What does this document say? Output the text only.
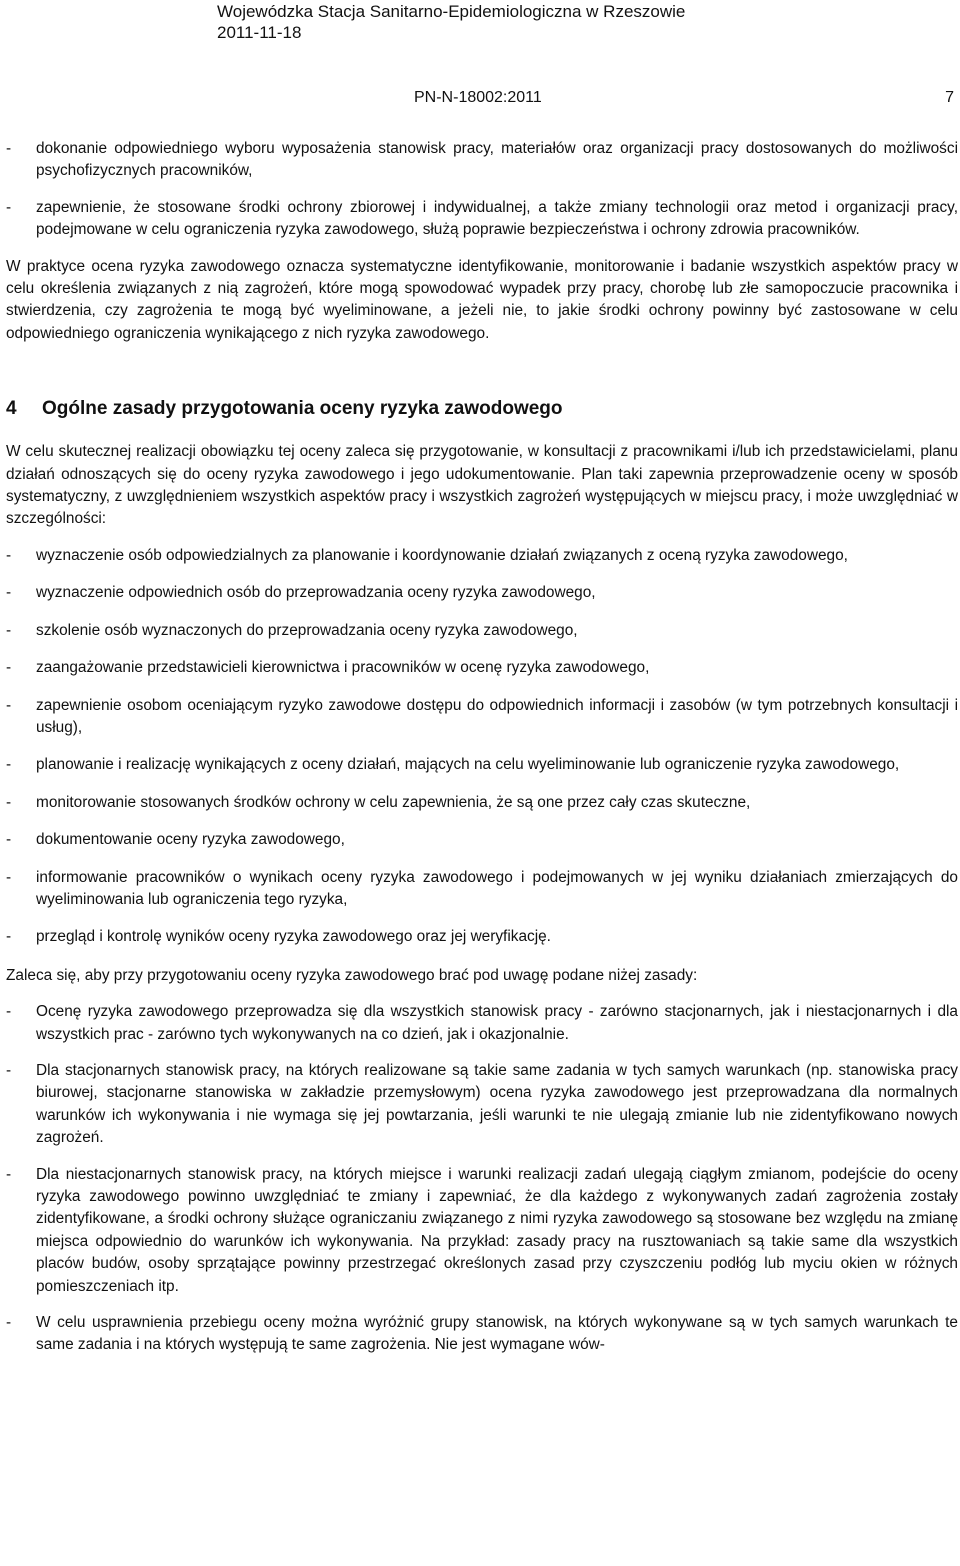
Wojewódzka Stacja Sanitarno-Epidemiologiczna w Rzeszowie
2011-11-18
PN-N-18002:2011	7
-	dokonanie odpowiedniego wyboru wyposażenia stanowisk pracy, materiałów oraz organizacji pracy dostosowanych do możliwości psychofizycznych pracowników,
-	zapewnienie, że stosowane środki ochrony zbiorowej i indywidualnej, a także zmiany technologii oraz metod i organizacji pracy, podejmowane w celu ograniczenia ryzyka zawodowego, służą poprawie bezpieczeństwa i ochrony zdrowia pracowników.
W praktyce ocena ryzyka zawodowego oznacza systematyczne identyfikowanie, monitorowanie i badanie wszystkich aspektów pracy w celu określenia związanych z nią zagrożeń, które mogą spowodować wypadek przy pracy, chorobę lub złe samopoczucie pracownika i stwierdzenia, czy zagrożenia te mogą być wyeliminowane, a jeżeli nie, to jakie środki ochrony powinny być zastosowane w celu odpowiedniego ograniczenia wynikającego z nich ryzyka zawodowego.
4	Ogólne zasady przygotowania oceny ryzyka zawodowego
W celu skutecznej realizacji obowiązku tej oceny zaleca się przygotowanie, w konsultacji z pracownikami i/lub ich przedstawicielami, planu działań odnoszących się do oceny ryzyka zawodowego i jego udokumentowanie. Plan taki zapewnia przeprowadzenie oceny w sposób systematyczny, z uwzględnieniem wszystkich aspektów pracy i wszystkich zagrożeń występujących w miejscu pracy, i może uwzględniać w szczególności:
-	wyznaczenie osób odpowiedzialnych za planowanie i koordynowanie działań związanych z oceną ryzyka zawodowego,
-	wyznaczenie odpowiednich osób do przeprowadzania oceny ryzyka zawodowego,
-	szkolenie osób wyznaczonych do przeprowadzania oceny ryzyka zawodowego,
-	zaangażowanie przedstawicieli kierownictwa i pracowników w ocenę ryzyka zawodowego,
-	zapewnienie osobom oceniającym ryzyko zawodowe dostępu do odpowiednich informacji i zasobów (w tym potrzebnych konsultacji i usług),
-	planowanie i realizację wynikających z oceny działań, mających na celu wyeliminowanie lub ograniczenie ryzyka zawodowego,
-	monitorowanie stosowanych środków ochrony w celu zapewnienia, że są one przez cały czas skuteczne,
-	dokumentowanie oceny ryzyka zawodowego,
-	informowanie pracowników o wynikach oceny ryzyka zawodowego i podejmowanych w jej wyniku działaniach zmierzających do wyeliminowania lub ograniczenia tego ryzyka,
-	przegląd i kontrolę wyników oceny ryzyka zawodowego oraz jej weryfikację.
Zaleca się, aby przy przygotowaniu oceny ryzyka zawodowego brać pod uwagę podane niżej zasady:
-	Ocenę ryzyka zawodowego przeprowadza się dla wszystkich stanowisk pracy - zarówno stacjonarnych, jak i niestacjonarnych i dla wszystkich prac - zarówno tych wykonywanych na co dzień, jak i okazjonalnie.
-	Dla stacjonarnych stanowisk pracy, na których realizowane są takie same zadania w tych samych warunkach (np. stanowiska pracy biurowej, stacjonarne stanowiska w zakładzie przemysłowym) ocena ryzyka zawodowego jest przeprowadzana dla normalnych warunków ich wykonywania i nie wymaga się jej powtarzania, jeśli warunki te nie ulegają zmianie lub nie zidentyfikowano nowych zagrożeń.
-	Dla niestacjonarnych stanowisk pracy, na których miejsce i warunki realizacji zadań ulegają ciągłym zmianom, podejście do oceny ryzyka zawodowego powinno uwzględniać te zmiany i zapewniać, że dla każdego z wykonywanych zadań zagrożenia zostały zidentyfikowane, a środki ochrony służące ograniczaniu związanego z nimi ryzyka zawodowego są stosowane bez względu na zmianę miejsca odpowiednio do warunków ich wykonywania. Na przykład: zasady pracy na rusztowaniach są takie same dla wszystkich placów budów, osoby sprzątające powinny przestrzegać określonych zasad przy czyszczeniu podłóg lub myciu okien w różnych pomieszczeniach itp.
-	W celu usprawnienia przebiegu oceny można wyróżnić grupy stanowisk, na których wykonywane są w tych samych warunkach te same zadania i na których występują te same zagrożenia. Nie jest wymagane wów-
